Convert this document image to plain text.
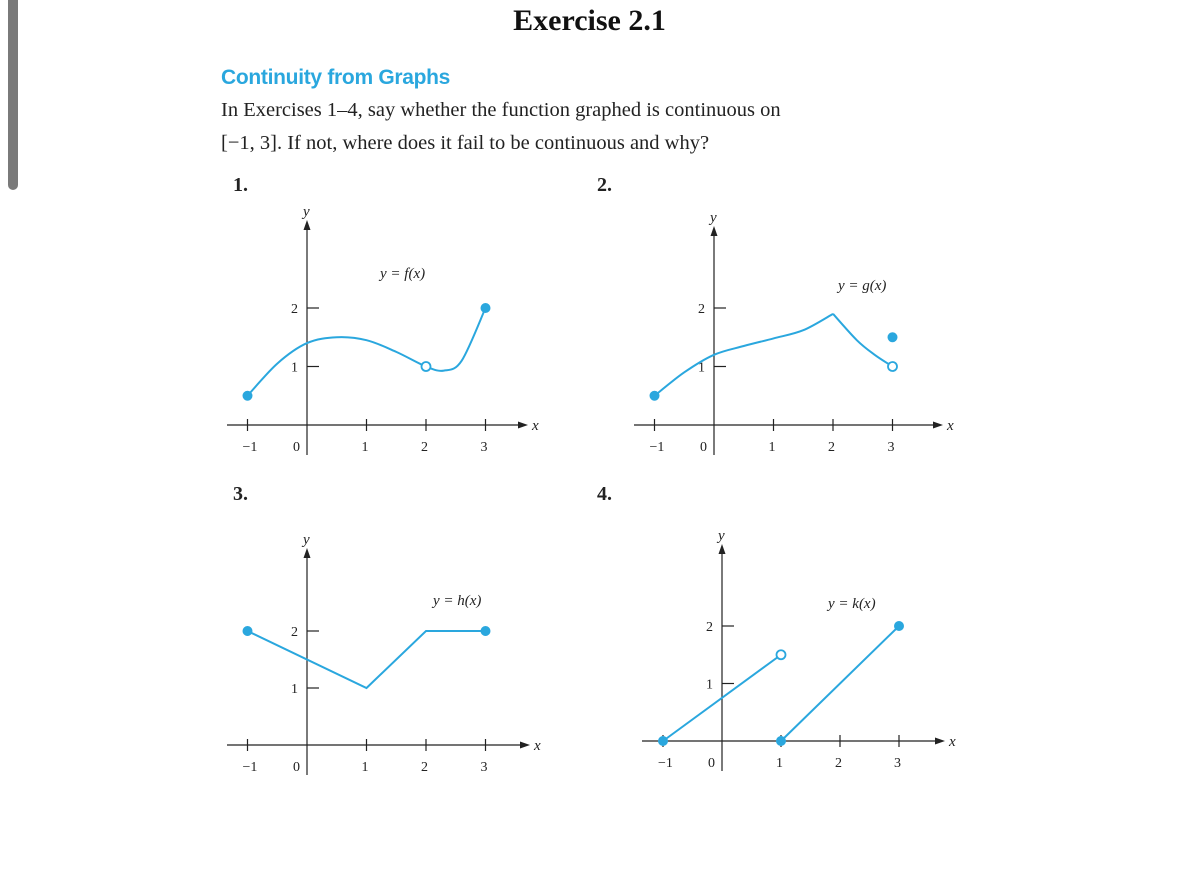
Exercise 2.1
Continuity from Graphs
In Exercises 1–4, say whether the function graphed is continuous on
[−1, 3]. If not, where does it fail to be continuous and why?
1.	2.
3.	4.
x
y
−1	0	1	2	3
1
2
y = f(x)
x
y
−1	0	1	2	3
1
2
y = g(x)
x
y
−1	0	1	2	3
1
2
y = h(x)
x
y
−1	0	1	2	3
1
2
y = k(x)
